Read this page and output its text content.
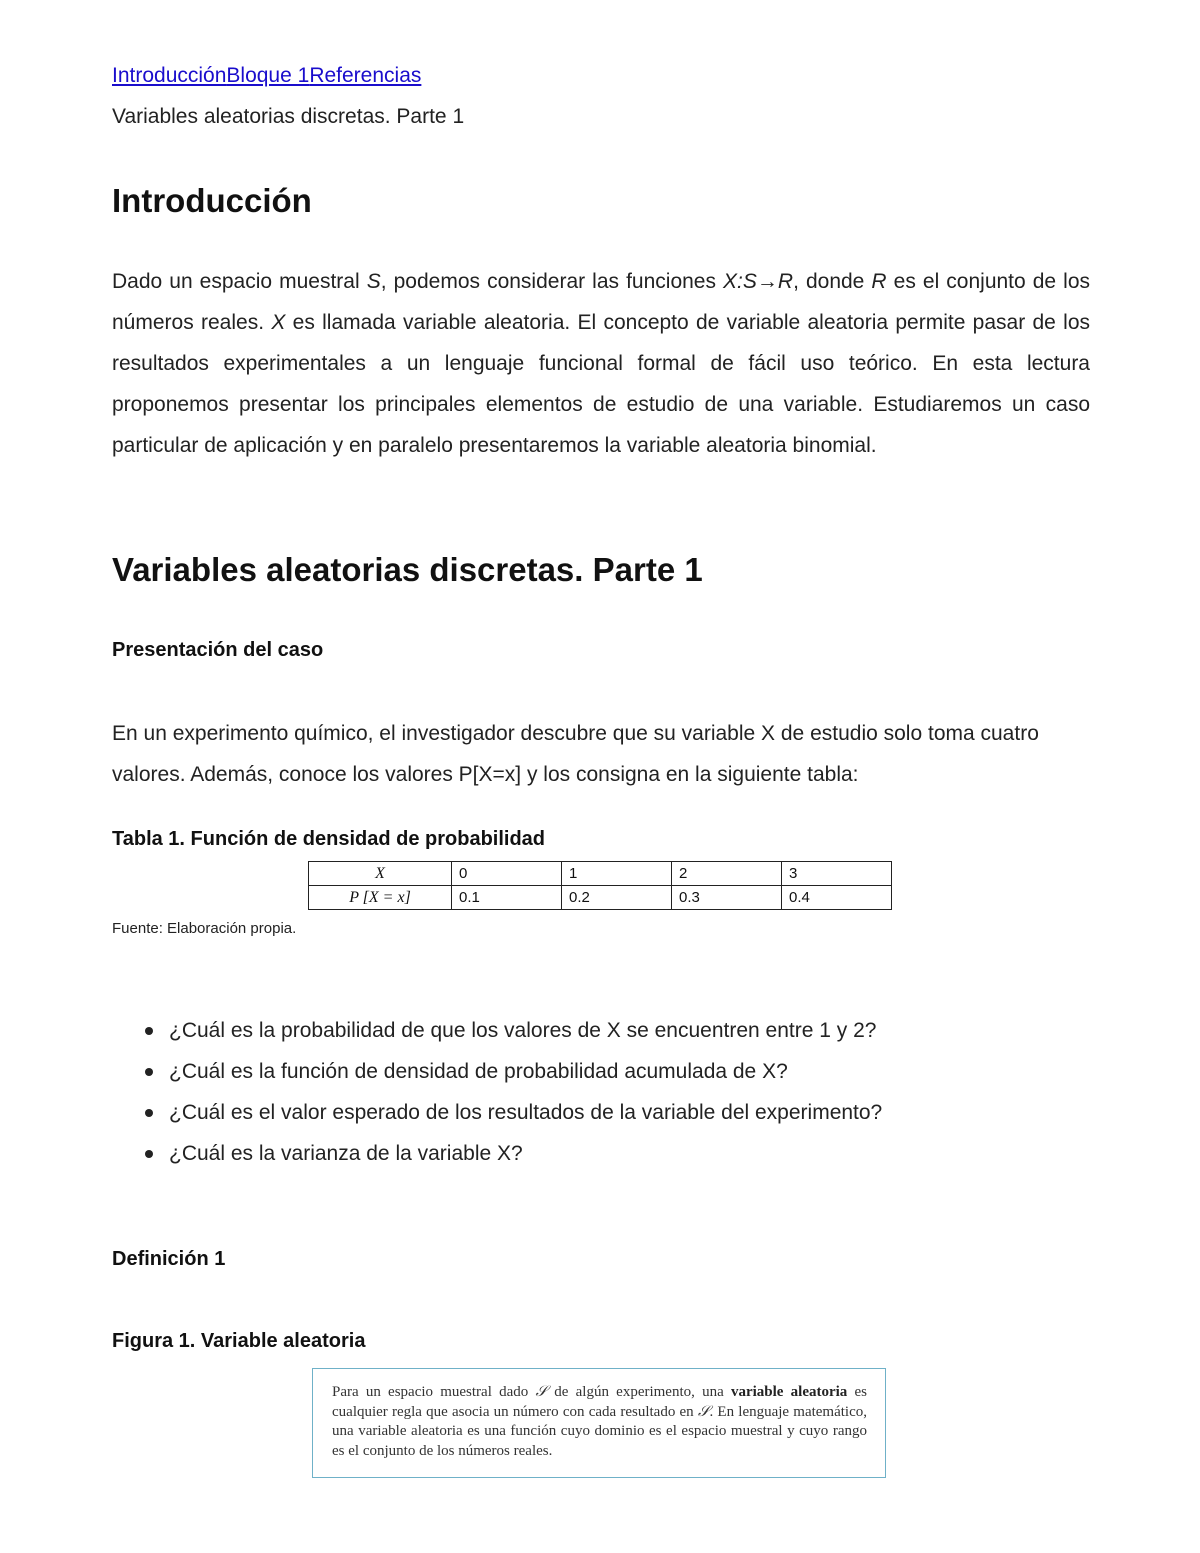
IntroducciónBloque 1Referencias
Variables aleatorias discretas. Parte 1
Introducción

Dado un espacio muestral S, podemos considerar las funciones X:S→R, donde R es el conjunto de los números reales. X es llamada variable aleatoria. El concepto de variable aleatoria permite pasar de los resultados experimentales a un lenguaje funcional formal de fácil uso teórico. En esta lectura proponemos presentar los principales elementos de estudio de una variable. Estudiaremos un caso particular de aplicación y en paralelo presentaremos la variable aleatoria binomial.

Variables aleatorias discretas. Parte 1
Presentación del caso

En un experimento químico, el investigador descubre que su variable X de estudio solo toma cuatro valores. Además, conoce los valores P[X=x] y los consigna en la siguiente tabla:

Tabla 1. Función de densidad de probabilidad
X	0	1	2	3
P [X = x]	0.1	0.2	0.3	0.4
Fuente: Elaboración propia.
¿Cuál es la probabilidad de que los valores de X se encuentren entre 1 y 2?
¿Cuál es la función de densidad de probabilidad acumulada de X?
¿Cuál es el valor esperado de los resultados de la variable del experimento?
¿Cuál es la varianza de la variable X?
Definición 1
Figura 1. Variable aleatoria
Para un espacio muestral dado 𝒮 de algún experimento, una variable aleatoria es cualquier regla que asocia un número con cada resultado en 𝒮. En lenguaje matemático, una variable aleatoria es una función cuyo dominio es el espacio muestral y cuyo rango es el conjunto de los números reales.
